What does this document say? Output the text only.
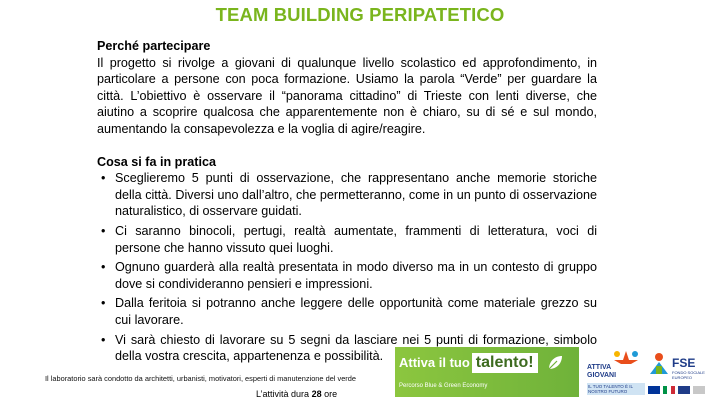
TEAM BUILDING PERIPATETICO

Perché partecipare

Il progetto si rivolge a giovani di qualunque livello scolastico ed approfondimento, in particolare a persone con poca formazione. Usiamo la parola “Verde” per guardare la città. L’obiettivo è osservare il “panorama cittadino” di Trieste con lenti diverse, che aiutino a scoprire qualcosa che apparentemente non è chiaro, su di sé e sul mondo, aumentando la consapevolezza e la voglia di agire/reagire.

Cosa si fa in pratica

• Sceglieremo 5 punti di osservazione, che rappresentano anche memorie storiche della città. Diversi uno dall’altro, che permetteranno, come in un punto di osservazione naturalistico, di osservare guidati.
• Ci saranno binocoli, pertugi, realtà aumentate, frammenti di letteratura, voci di persone che hanno vissuto quei luoghi.
• Ognuno guarderà alla realtà presentata in modo diverso ma in un contesto di gruppo dove si condivideranno pensieri e impressioni.
• Dalla feritoia si potranno anche leggere delle opportunità come materiale grezzo su cui lavorare.
• Vi sarà chiesto di lavorare su 5 segni da lasciare nei 5 punti di formazione, simbolo della vostra crescita, appartenenza e possibilità.
Il laboratorio sarà condotto da architetti, urbanisti, motivatori, esperti di manutenzione del verde
L’attività dura 28 ore
Attiva il tuo talento!
Percorso Blue & Green Economy
ATTIVA
GIOVANI
IL TUO TALENTO È IL NOSTRO FUTURO
FSE
FONDO SOCIALE EUROPEO
